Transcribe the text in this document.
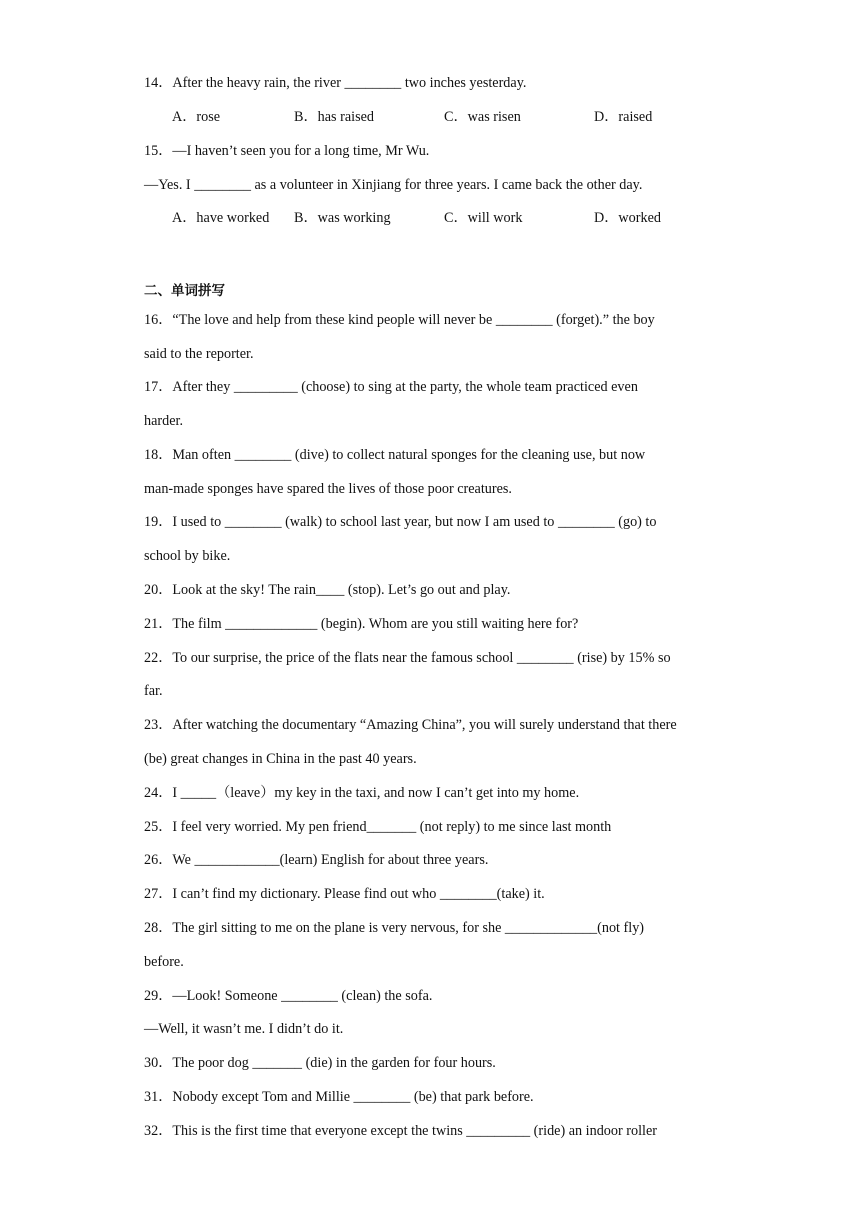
14．After the heavy rain, the river ________ two inches yesterday.
A．rose	B．has raised	C．was risen	D．raised
15．—I haven’t seen you for a long time, Mr Wu.
—Yes. I ________ as a volunteer in Xinjiang for three years. I came back the other day.
A．have worked B．was working	C．will work	D．worked
二、单词拼写
16．“The love and help from these kind people will never be ________ (forget).” the boy
said to the reporter.
17．After they _________ (choose) to sing at the party, the whole team practiced even
harder.
18．Man often ________ (dive) to collect natural sponges for the cleaning use, but now
man-made sponges have spared the lives of those poor creatures.
19．I used to ________ (walk) to school last year, but now I am used to ________ (go) to
school by bike.
20．Look at the sky! The rain____ (stop). Let’s go out and play.
21．The film _____________ (begin). Whom are you still waiting here for?
22．To our surprise, the price of the flats near the famous school ________ (rise) by 15% so
far.
23．After watching the documentary “Amazing China”, you will surely understand that there
(be) great changes in China in the past 40 years.
24．I _____（leave）my key in the taxi, and now I can’t get into my home.
25．I feel very worried. My pen friend_______ (not reply) to me since last month
26．We ____________(learn) English for about three years.
27．I can’t find my dictionary. Please find out who ________(take) it.
28．The girl sitting to me on the plane is very nervous, for she _____________(not fly)
before.
29．—Look! Someone ________ (clean) the sofa.
—Well, it wasn’t me. I didn’t do it.
30．The poor dog _______ (die) in the garden for four hours.
31．Nobody except Tom and Millie ________ (be) that park before.
32．This is the first time that everyone except the twins _________ (ride) an indoor roller
